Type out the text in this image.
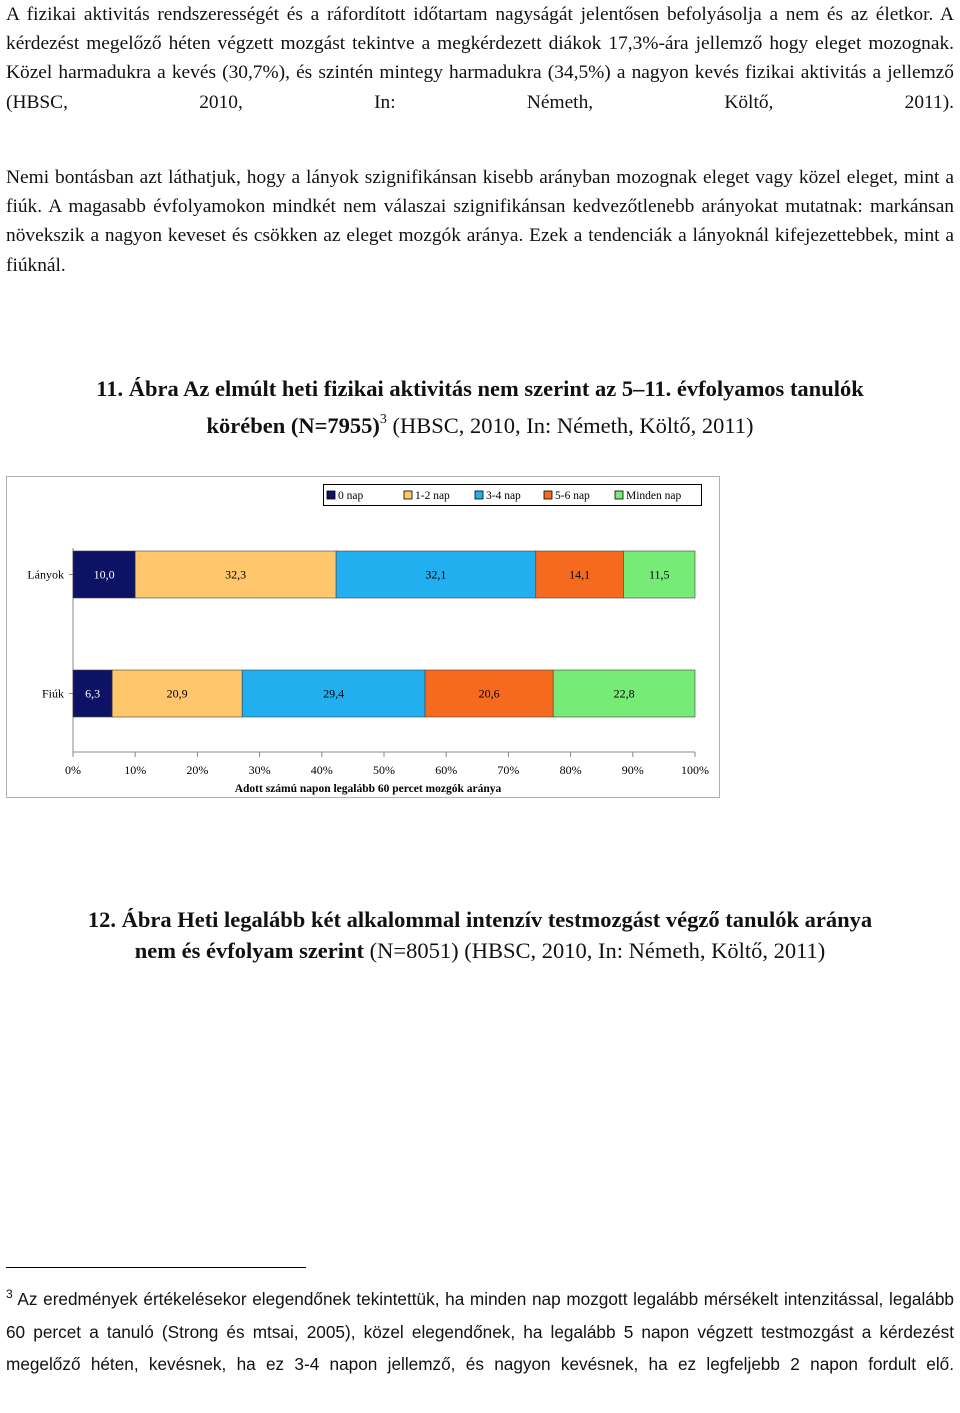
A fizikai aktivitás rendszerességét és a ráfordított időtartam nagyságát jelentősen befolyásolja a nem és az életkor. A kérdezést megelőző héten végzett mozgást tekintve a megkérdezett diákok 17,3%-ára jellemző hogy eleget mozognak. Közel harmadukra a kevés (30,7%), és szintén mintegy harmadukra (34,5%) a nagyon kevés fizikai aktivitás a jellemző (HBSC, 2010, In: Németh, Költő, 2011).

Nemi bontásban azt láthatjuk, hogy a lányok szignifikánsan kisebb arányban mozognak eleget vagy közel eleget, mint a fiúk. A magasabb évfolyamokon mindkét nem válaszai szignifikánsan kedvezőtlenebb arányokat mutatnak: markánsan növekszik a nagyon keveset és csökken az eleget mozgók aránya. Ezek a tendenciák a lányoknál kifejezettebbek, mint a fiúknál.

11. Ábra Az elmúlt heti fizikai aktivitás nem szerint az 5–11. évfolyamos tanulók
körében (N=7955)$^3$ (HBSC, 2010, In: Németh, Költő, 2011)
0 nap	1-2 nap	3-4 nap	5-6 nap	Minden nap
Lányok 10,0	32,3	32,1	14,1	11,5
Fiúk 6,3	20,9	29,4	20,6	22,8
0%	10%	20%	30%	40%	50%	60%	70%	80%	90%	100%
Adott számú napon legalább 60 percet mozgók aránya
12. Ábra Heti legalább két alkalommal intenzív testmozgást végző tanulók aránya
nem és évfolyam szerint (N=8051) (HBSC, 2010, In: Németh, Költő, 2011)

$^3$ Az eredmények értékelésekor elegendőnek tekintettük, ha minden nap mozgott legalább mérsékelt intenzitással, legalább 60 percet a tanuló (Strong és mtsai, 2005), közel elegendőnek, ha legalább 5 napon végzett testmozgást a kérdezést megelőző héten, kevésnek, ha ez 3-4 napon jellemző, és nagyon kevésnek, ha ez legfeljebb 2 napon fordult elő.
